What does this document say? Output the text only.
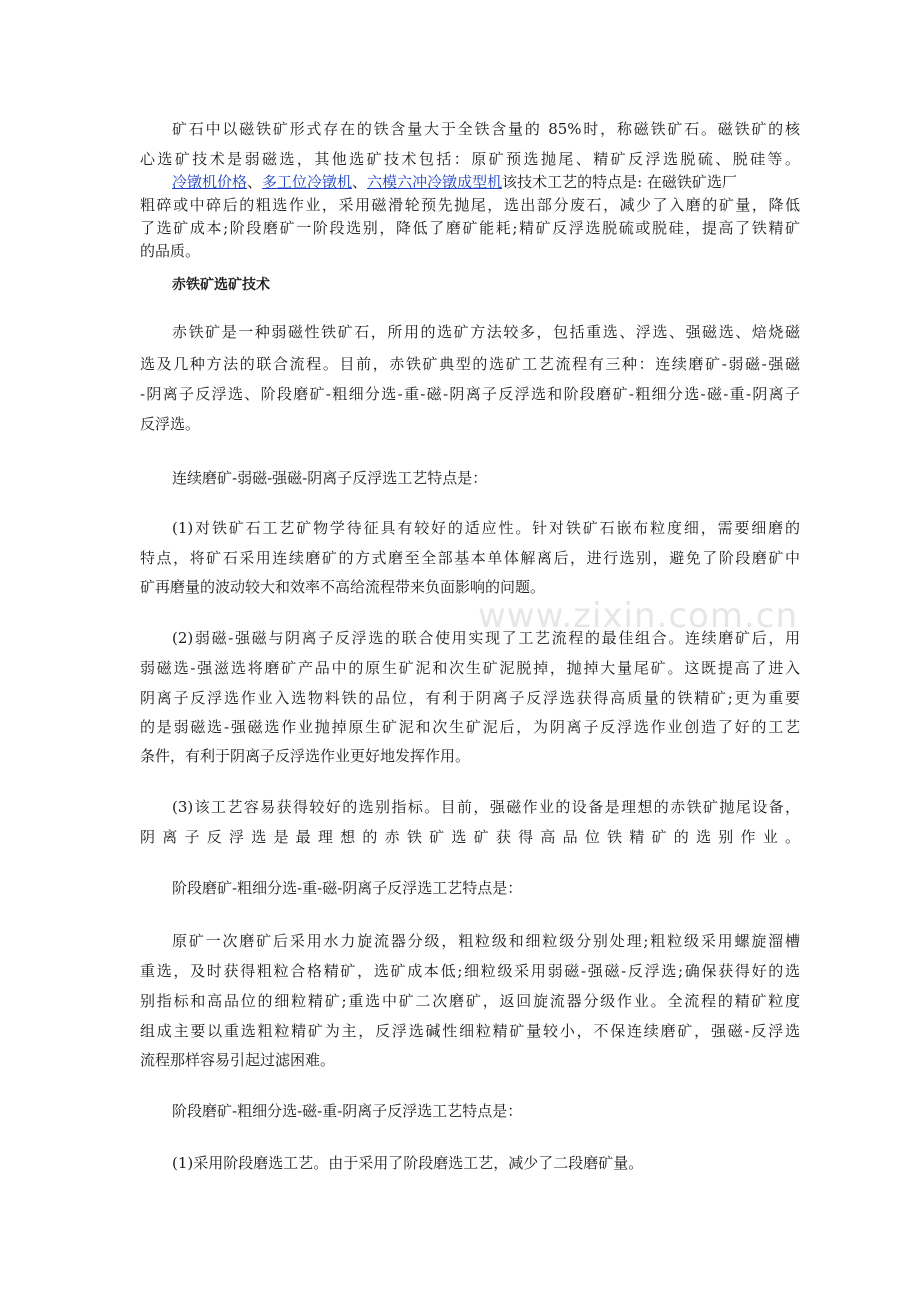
www.zixin.com.cn
矿石中以磁铁矿形式存在的铁含量大于全铁含量的 85%时，称磁铁矿石。磁铁矿的核
心选矿技术是弱磁选，其他选矿技术包括：原矿预选抛尾、精矿反浮选脱硫、脱硅等。
冷镦机价格、多工位冷镦机、六模六冲冷镦成型机该技术工艺的特点是: 在磁铁矿选厂
粗碎或中碎后的粗选作业，采用磁滑轮预先抛尾，选出部分废石，减少了入磨的矿量，降低
了选矿成本;阶段磨矿一阶段选别，降低了磨矿能耗;精矿反浮选脱硫或脱硅，提高了铁精矿
的品质。
赤铁矿选矿技术
赤铁矿是一种弱磁性铁矿石，所用的选矿方法较多，包括重选、浮选、强磁选、焙烧磁
选及几种方法的联合流程。目前，赤铁矿典型的选矿工艺流程有三种：连续磨矿-弱磁-强磁
-阴离子反浮选、阶段磨矿-粗细分选-重-磁-阴离子反浮选和阶段磨矿-粗细分选-磁-重-阴离子
反浮选。
连续磨矿-弱磁-强磁-阴离子反浮选工艺特点是：
(1)对铁矿石工艺矿物学待征具有较好的适应性。针对铁矿石嵌布粒度细，需要细磨的
特点，将矿石采用连续磨矿的方式磨至全部基本单体解离后，进行选别，避免了阶段磨矿中
矿再磨量的波动较大和效率不高给流程带来负面影响的问题。
(2)弱磁-强磁与阴离子反浮选的联合使用实现了工艺流程的最佳组合。连续磨矿后，用
弱磁选-强滋选将磨矿产品中的原生矿泥和次生矿泥脱掉，抛掉大量尾矿。这既提高了进入
阴离子反浮选作业入选物料铁的品位，有利于阴离子反浮选获得高质量的铁精矿;更为重要
的是弱磁选-强磁选作业抛掉原生矿泥和次生矿泥后，为阴离子反浮选作业创造了好的工艺
条件，有利于阴离子反浮选作业更好地发挥作用。
(3)该工艺容易获得较好的选别指标。目前，强磁作业的设备是理想的赤铁矿抛尾设备，
阴离子反浮选是最理想的赤铁矿选矿获得高品位铁精矿的选别作业。
阶段磨矿-粗细分选-重-磁-阴离子反浮选工艺特点是：
原矿一次磨矿后采用水力旋流器分级，粗粒级和细粒级分别处理;粗粒级采用螺旋溜槽
重选，及时获得粗粒合格精矿，选矿成本低;细粒级采用弱磁-强磁-反浮选;确保获得好的选
别指标和高品位的细粒精矿;重选中矿二次磨矿，返回旋流器分级作业。全流程的精矿粒度
组成主要以重选粗粒精矿为主，反浮选碱性细粒精矿量较小，不保连续磨矿，强磁-反浮选
流程那样容易引起过滤困难。
阶段磨矿-粗细分选-磁-重-阴离子反浮选工艺特点是：
(1)采用阶段磨选工艺。由于采用了阶段磨选工艺，减少了二段磨矿量。
